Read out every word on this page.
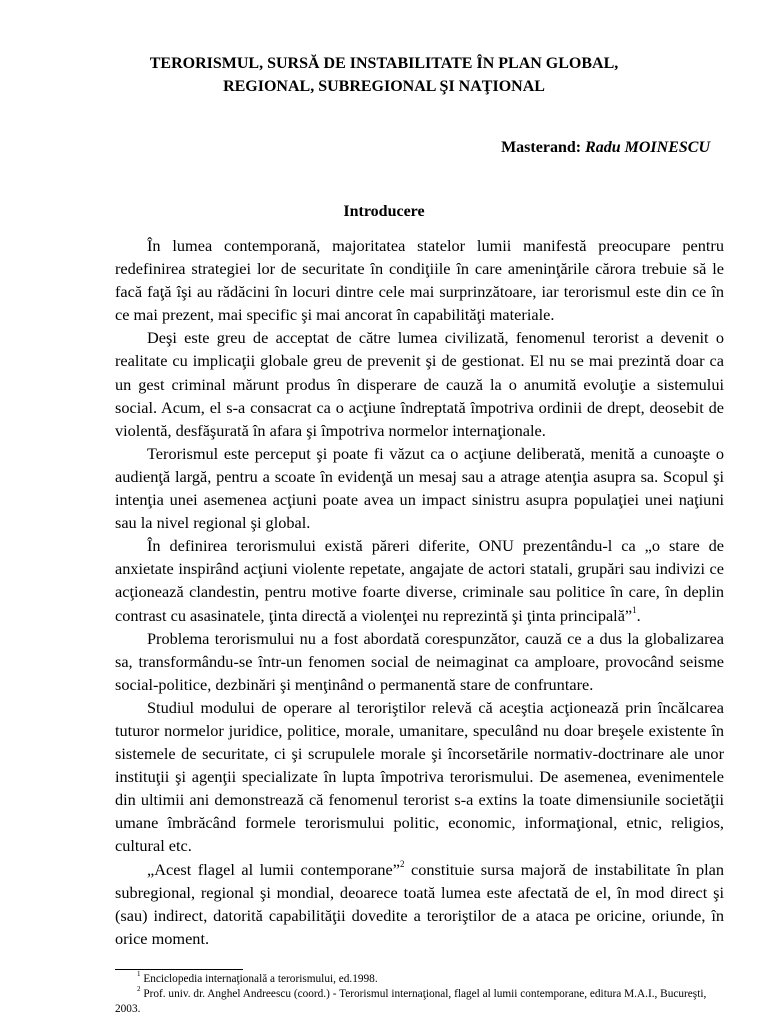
TERORISMUL, SURSĂ DE INSTABILITATE ÎN PLAN GLOBAL,
REGIONAL, SUBREGIONAL ŞI NAŢIONAL
Masterand: Radu MOINESCU
Introducere

În lumea contemporană, majoritatea statelor lumii manifestă preocupare pentru redefinirea strategiei lor de securitate în condiţiile în care ameninţările cărora trebuie să le facă faţă îşi au rădăcini în locuri dintre cele mai surprinzătoare, iar terorismul este din ce în ce mai prezent, mai specific şi mai ancorat în capabilităţi materiale.

Deşi este greu de acceptat de către lumea civilizată, fenomenul terorist a devenit o realitate cu implicaţii globale greu de prevenit şi de gestionat. El nu se mai prezintă doar ca un gest criminal mărunt produs în disperare de cauză la o anumită evoluţie a sistemului social. Acum, el s-a consacrat ca o acţiune îndreptată împotriva ordinii de drept, deosebit de violentă, desfăşurată în afara şi împotriva normelor internaţionale.

Terorismul este perceput şi poate fi văzut ca o acţiune deliberată, menită a cunoaşte o audienţă largă, pentru a scoate în evidenţă un mesaj sau a atrage atenţia asupra sa. Scopul şi intenţia unei asemenea acţiuni poate avea un impact sinistru asupra populaţiei unei naţiuni sau la nivel regional şi global.

În definirea terorismului există păreri diferite, ONU prezentându-l ca „o stare de anxietate inspirând acţiuni violente repetate, angajate de actori statali, grupări sau indivizi ce acţionează clandestin, pentru motive foarte diverse, criminale sau politice în care, în deplin contrast cu asasinatele, ţinta directă a violenţei nu reprezintă şi ţinta principală”$^1$.

Problema terorismului nu a fost abordată corespunzător, cauză ce a dus la globalizarea sa, transformându-se într-un fenomen social de neimaginat ca amploare, provocând seisme social-politice, dezbinări şi menţinând o permanentă stare de confruntare.

Studiul modului de operare al teroriştilor relevă că aceştia acţionează prin încălcarea tuturor normelor juridice, politice, morale, umanitare, speculând nu doar breşele existente în sistemele de securitate, ci şi scrupulele morale şi încorsetările normativ-doctrinare ale unor instituţii şi agenţii specializate în lupta împotriva terorismului. De asemenea, evenimentele din ultimii ani demonstrează că fenomenul terorist s-a extins la toate dimensiunile societăţii umane îmbrăcând formele terorismului politic, economic, informaţional, etnic, religios, cultural etc.

„Acest flagel al lumii contemporane”$^2$ constituie sursa majoră de instabilitate în plan subregional, regional şi mondial, deoarece toată lumea este afectată de el, în mod direct şi (sau) indirect, datorită capabilităţii dovedite a teroriştilor de a ataca pe oricine, oriunde, în orice moment.

$^1$ Enciclopedia internaţională a terorismului, ed.1998.

$^2$ Prof. univ. dr. Anghel Andreescu (coord.) - Terorismul internaţional, flagel al lumii contemporane, editura M.A.I., Bucureşti, 2003.
